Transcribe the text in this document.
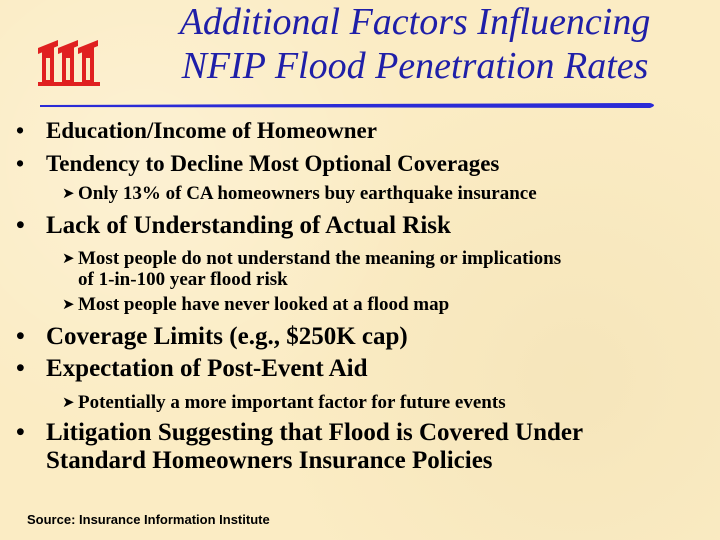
Additional Factors Influencing
NFIP Flood Penetration Rates
• Education/Income of Homeowner
• Tendency to Decline Most Optional Coverages
➤ Only 13% of CA homeowners buy earthquake insurance
• Lack of Understanding of Actual Risk
➤ Most people do not understand the meaning or implications
of 1-in-100 year flood risk
➤ Most people have never looked at a flood map
• Coverage Limits (e.g., $250K cap)
• Expectation of Post-Event Aid
➤ Potentially a more important factor for future events
• Litigation Suggesting that Flood is Covered Under
Standard Homeowners Insurance Policies
Source: Insurance Information Institute
